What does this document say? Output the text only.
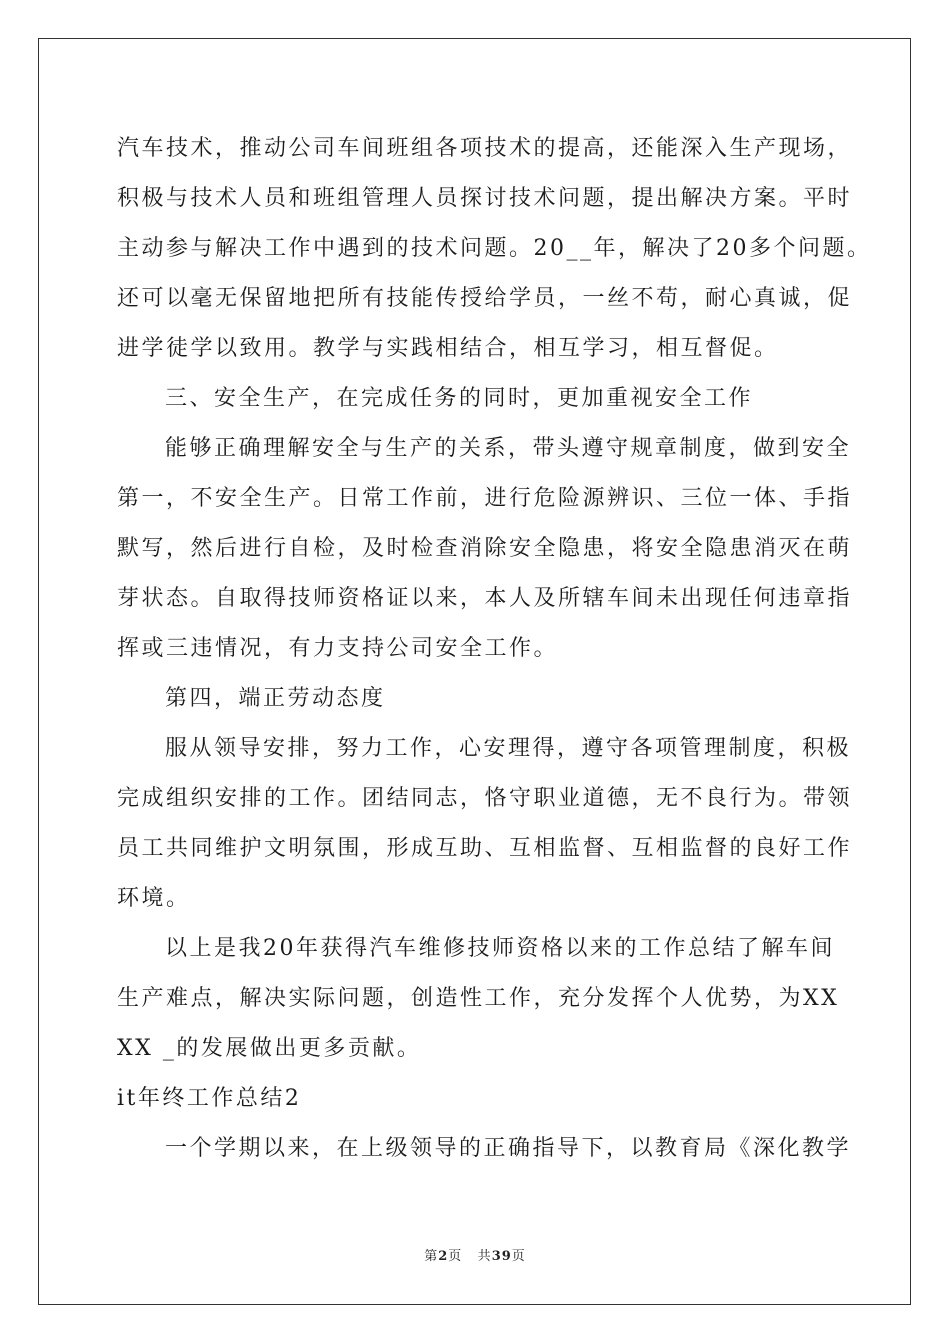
汽车技术，推动公司车间班组各项技术的提高，还能深入生产现场，

积极与技术人员和班组管理人员探讨技术问题，提出解决方案。平时

主动参与解决工作中遇到的技术问题。20__年，解决了20多个问题。

还可以毫无保留地把所有技能传授给学员，一丝不苟，耐心真诚，促

进学徒学以致用。教学与实践相结合，相互学习，相互督促。

三、安全生产，在完成任务的同时，更加重视安全工作

能够正确理解安全与生产的关系，带头遵守规章制度，做到安全

第一，不安全生产。日常工作前，进行危险源辨识、三位一体、手指

默写，然后进行自检，及时检查消除安全隐患，将安全隐患消灭在萌

芽状态。自取得技师资格证以来，本人及所辖车间未出现任何违章指

挥或三违情况，有力支持公司安全工作。

第四，端正劳动态度

服从领导安排，努力工作，心安理得，遵守各项管理制度，积极

完成组织安排的工作。团结同志，恪守职业道德，无不良行为。带领

员工共同维护文明氛围，形成互助、互相监督、互相监督的良好工作

环境。

以上是我20年获得汽车维修技师资格以来的工作总结了解车间

生产难点，解决实际问题，创造性工作，充分发挥个人优势，为XX

XX _的发展做出更多贡献。

it年终工作总结2

一个学期以来，在上级领导的正确指导下，以教育局《深化教学

第2页 共39页
